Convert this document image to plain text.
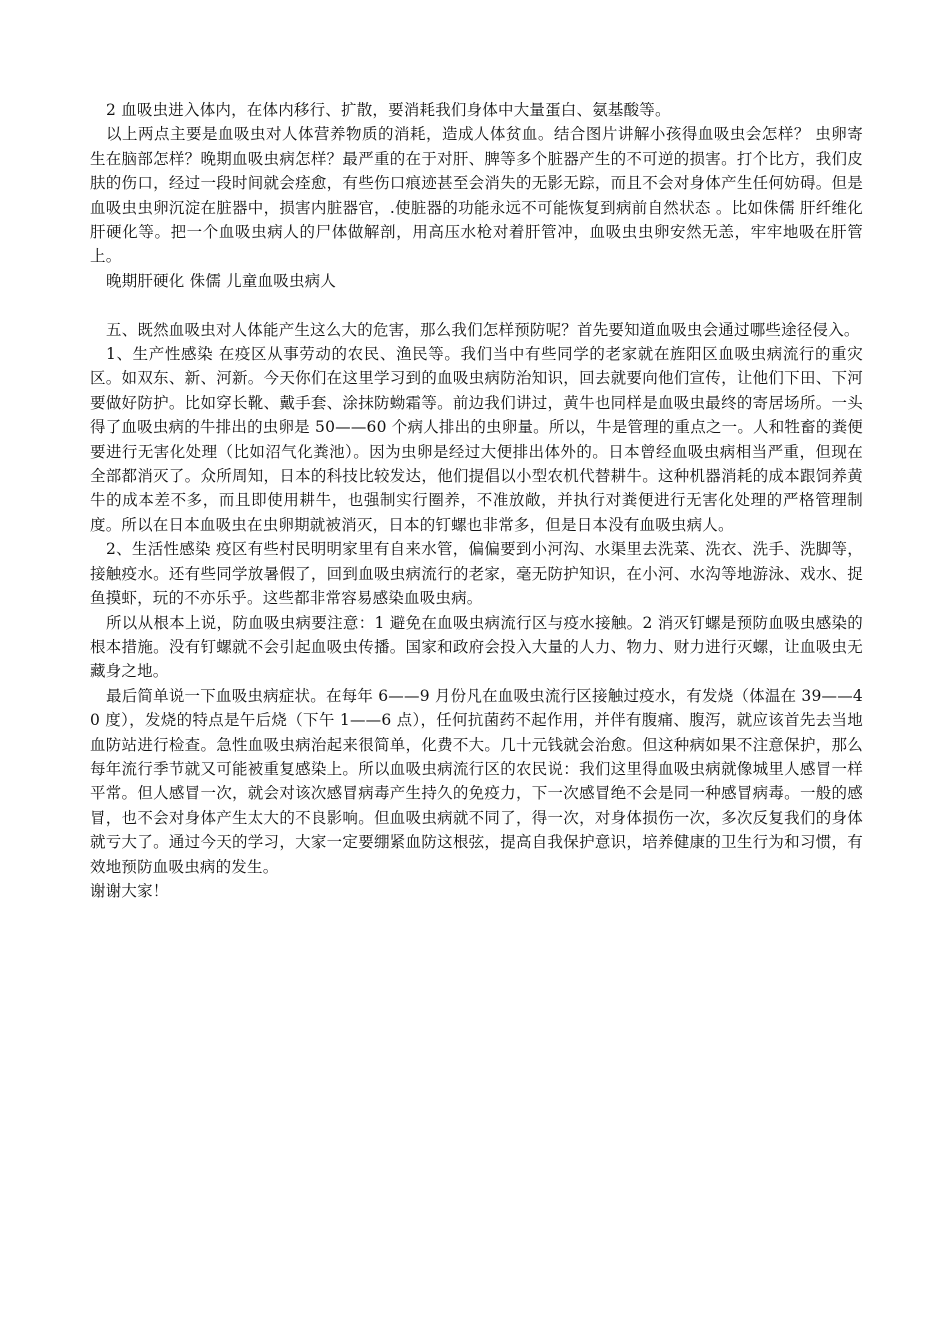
2 血吸虫进入体内，在体内移行、扩散，要消耗我们身体中大量蛋白、氨基酸等。

以上两点主要是血吸虫对人体营养物质的消耗，造成人体贫血。结合图片讲解小孩得血吸虫会怎样？ 虫卵寄生在脑部怎样？晚期血吸虫病怎样？最严重的在于对肝、脾等多个脏器产生的不可逆的损害。打个比方，我们皮肤的伤口，经过一段时间就会痊愈，有些伤口痕迹甚至会消失的无影无踪，而且不会对身体产生任何妨碍。但是血吸虫虫卵沉淀在脏器中，损害内脏器官，.使脏器的功能永远不可能恢复到病前自然状态 。比如侏儒 肝纤维化 肝硬化等。把一个血吸虫病人的尸体做解剖，用高压水枪对着肝管冲，血吸虫虫卵安然无恙，牢牢地吸在肝管上。

晚期肝硬化 侏儒 儿童血吸虫病人

五、既然血吸虫对人体能产生这么大的危害，那么我们怎样预防呢？首先要知道血吸虫会通过哪些途径侵入。

1、生产性感染 在疫区从事劳动的农民、渔民等。我们当中有些同学的老家就在旌阳区血吸虫病流行的重灾区。如双东、新、河新。今天你们在这里学习到的血吸虫病防治知识，回去就要向他们宣传，让他们下田、下河要做好防护。比如穿长靴、戴手套、涂抹防蚴霜等。前边我们讲过，黄牛也同样是血吸虫最终的寄居场所。一头得了血吸虫病的牛排出的虫卵是 50——60 个病人排出的虫卵量。所以，牛是管理的重点之一。人和牲畜的粪便要进行无害化处理（比如沼气化粪池）。因为虫卵是经过大便排出体外的。日本曾经血吸虫病相当严重，但现在全部都消灭了。众所周知，日本的科技比较发达，他们提倡以小型农机代替耕牛。这种机器消耗的成本跟饲养黄牛的成本差不多，而且即使用耕牛，也强制实行圈养，不准放敞，并执行对粪便进行无害化处理的严格管理制度。所以在日本血吸虫在虫卵期就被消灭，日本的钉螺也非常多，但是日本没有血吸虫病人。

2、生活性感染 疫区有些村民明明家里有自来水管，偏偏要到小河沟、水渠里去洗菜、洗衣、洗手、洗脚等，接触疫水。还有些同学放暑假了，回到血吸虫病流行的老家，毫无防护知识，在小河、水沟等地游泳、戏水、捉鱼摸虾，玩的不亦乐乎。这些都非常容易感染血吸虫病。

所以从根本上说，防血吸虫病要注意：1 避免在血吸虫病流行区与疫水接触。2 消灭钉螺是预防血吸虫感染的根本措施。没有钉螺就不会引起血吸虫传播。国家和政府会投入大量的人力、物力、财力进行灭螺，让血吸虫无藏身之地。

最后简单说一下血吸虫病症状。在每年 6——9 月份凡在血吸虫流行区接触过疫水，有发烧（体温在 39——40 度），发烧的特点是午后烧（下午 1——6 点），任何抗菌药不起作用，并伴有腹痛、腹泻，就应该首先去当地血防站进行检查。急性血吸虫病治起来很简单，化费不大。几十元钱就会治愈。但这种病如果不注意保护，那么每年流行季节就又可能被重复感染上。所以血吸虫病流行区的农民说：我们这里得血吸虫病就像城里人感冒一样平常。但人感冒一次，就会对该次感冒病毒产生持久的免疫力，下一次感冒绝不会是同一种感冒病毒。一般的感冒，也不会对身体产生太大的不良影响。但血吸虫病就不同了，得一次，对身体损伤一次，多次反复我们的身体就亏大了。通过今天的学习，大家一定要绷紧血防这根弦，提高自我保护意识，培养健康的卫生行为和习惯，有效地预防血吸虫病的发生。

谢谢大家！
